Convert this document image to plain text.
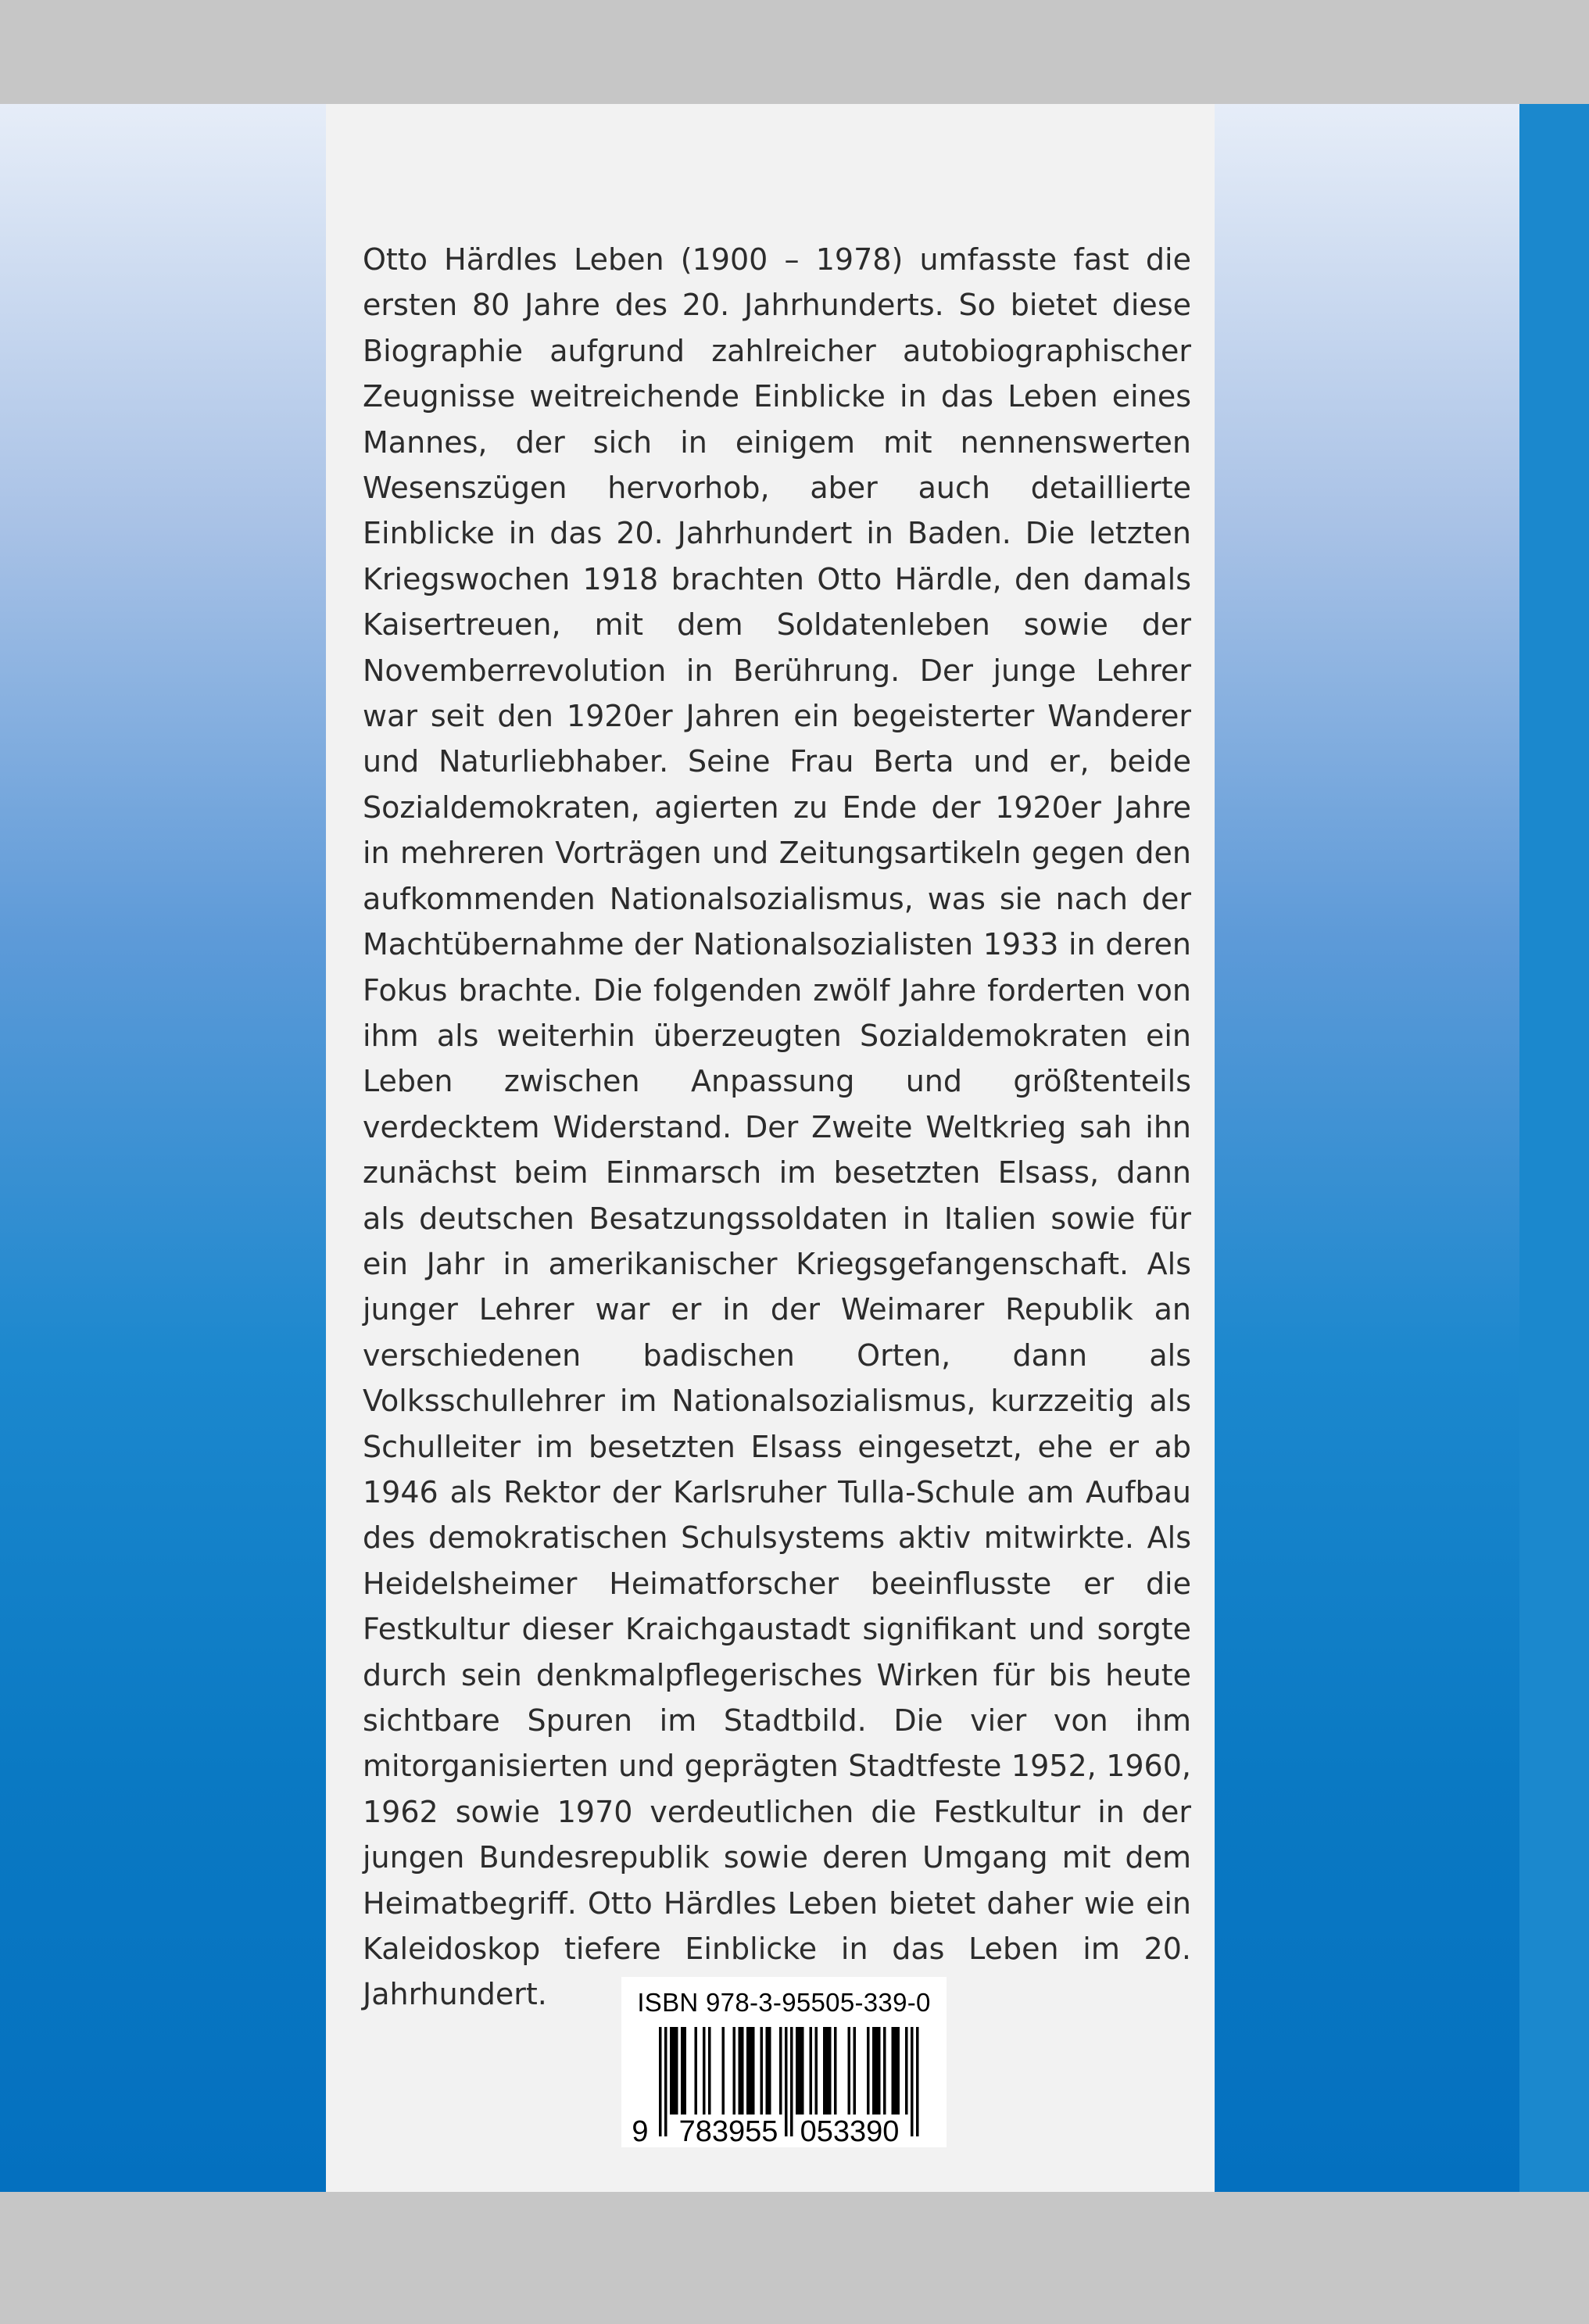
Otto Härdles Leben (1900 – 1978) umfasste fast die ersten 80 Jahre des 20. Jahrhunderts. So bietet diese Biographie aufgrund zahlreicher autobiographischer Zeugnisse weitreichende Einblicke in das Leben eines Mannes, der sich in einigem mit nennenswerten Wesenszügen hervorhob, aber auch detaillierte Einblicke in das 20. Jahrhundert in Baden. Die letzten Kriegswochen 1918 brachten Otto Härdle, den damals Kaisertreuen, mit dem Soldatenleben sowie der Novemberrevolution in Berührung. Der junge Lehrer war seit den 1920er Jahren ein begeisterter Wanderer und Naturliebhaber. Seine Frau Berta und er, beide Sozialdemokraten, agierten zu Ende der 1920er Jahre in mehreren Vorträgen und Zeitungsartikeln gegen den aufkommenden Nationalsozialismus, was sie nach der Machtübernahme der Nationalsozialisten 1933 in deren Fokus brachte. Die folgenden zwölf Jahre forderten von ihm als weiterhin überzeugten Sozialdemokraten ein Leben zwischen Anpassung und größtenteils verdecktem Widerstand. Der Zweite Weltkrieg sah ihn zunächst beim Einmarsch im besetzten Elsass, dann als deutschen Besatzungssoldaten in Italien sowie für ein Jahr in amerikanischer Kriegsgefangenschaft. Als junger Lehrer war er in der Weimarer Republik an verschiedenen badischen Orten, dann als Volksschullehrer im Nationalsozialismus, kurzzeitig als Schulleiter im besetzten Elsass eingesetzt, ehe er ab 1946 als Rektor der Karlsruher Tulla-Schule am Aufbau des demokratischen Schulsystems aktiv mitwirkte. Als Heidelsheimer Heimatforscher beeinflusste er die Festkultur dieser Kraichgaustadt signifikant und sorgte durch sein denkmalpflegerisches Wirken für bis heute sichtbare Spuren im Stadtbild. Die vier von ihm mitorganisierten und geprägten Stadtfeste 1952, 1960, 1962 sowie 1970 verdeutlichen die Festkultur in der jungen Bundesrepublik sowie deren Umgang mit dem Heimatbegriff. Otto Härdles Leben bietet daher wie ein Kaleidoskop tiefere Einblicke in das Leben im 20. Jahrhundert.	ISBN 978-3-95505-339-0
9 783955 053390
